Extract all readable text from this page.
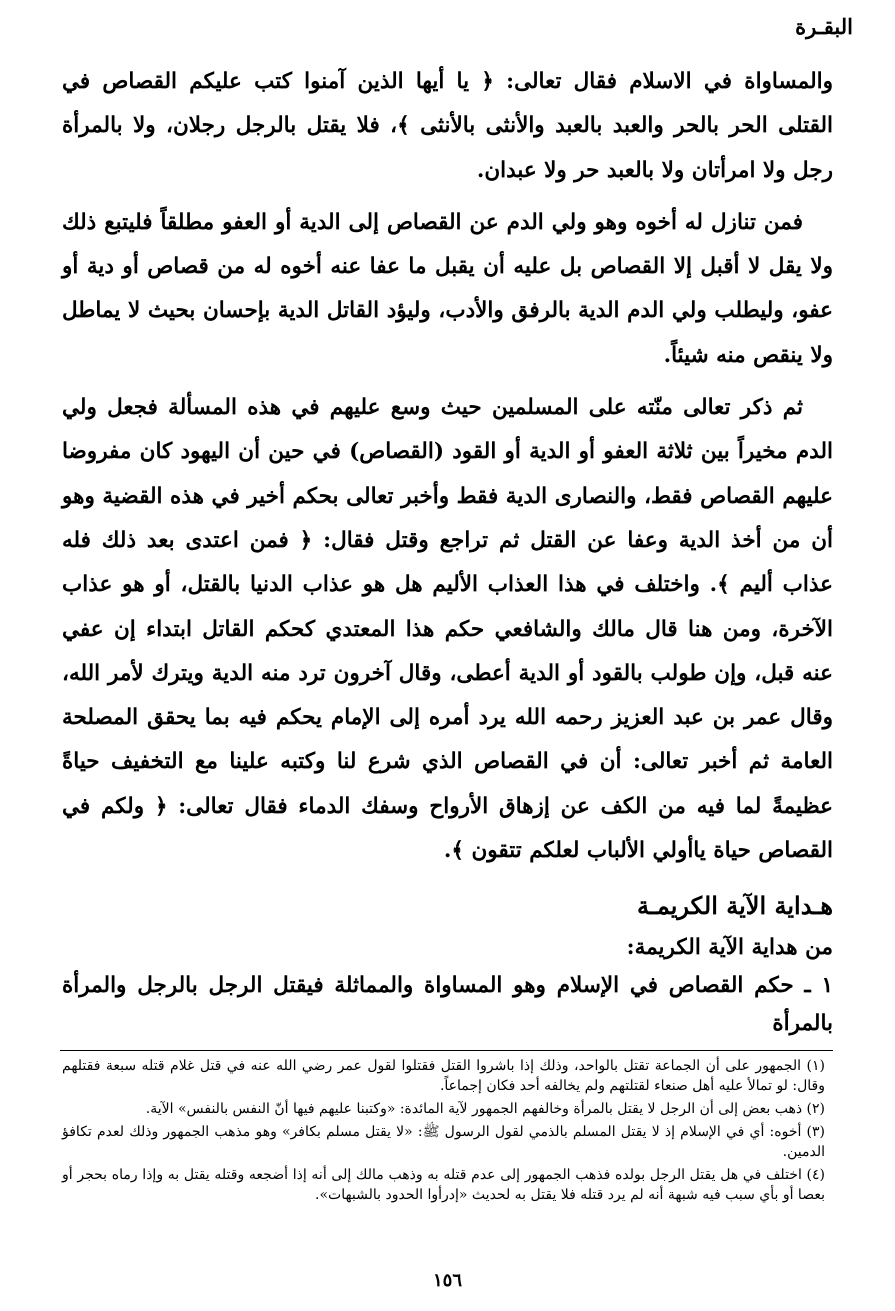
البقـرة

والمساواة في الاسلام فقال تعالى: ﴿ يا أيها الذين آمنوا كتب عليكم القصاص في القتلى الحر بالحر والعبد بالعبد والأنثى بالأنثى ﴾، فلا يقتل بالرجل رجلان، ولا بالمرأة رجل ولا امرأتان ولا بالعبد حر ولا عبدان.

فمن تنازل له أخوه وهو ولي الدم عن القصاص إلى الدية أو العفو مطلقاً فليتبع ذلك ولا يقل لا أقبل إلا القصاص بل عليه أن يقبل ما عفا عنه أخوه له من قصاص أو دية أو عفو، وليطلب ولي الدم الدية بالرفق والأدب، وليؤد القاتل الدية بإحسان بحيث لا يماطل ولا ينقص منه شيئاً.

ثم ذكر تعالى منّته على المسلمين حيث وسع عليهم في هذه المسألة فجعل ولي الدم مخيراً بين ثلاثة العفو أو الدية أو القود (القصاص) في حين أن اليهود كان مفروضا عليهم القصاص فقط، والنصارى الدية فقط وأخبر تعالى بحكم أخير في هذه القضية وهو أن من أخذ الدية وعفا عن القتل ثم تراجع وقتل فقال: ﴿ فمن اعتدى بعد ذلك فله عذاب أليم ﴾. واختلف في هذا العذاب الأليم هل هو عذاب الدنيا بالقتل، أو هو عذاب الآخرة، ومن هنا قال مالك والشافعي حكم هذا المعتدي كحكم القاتل ابتداء إن عفي عنه قبل، وإن طولب بالقود أو الدية أعطى، وقال آخرون ترد منه الدية ويترك لأمر الله، وقال عمر بن عبد العزيز رحمه الله يرد أمره إلى الإمام يحكم فيه بما يحقق المصلحة العامة ثم أخبر تعالى: أن في القصاص الذي شرع لنا وكتبه علينا مع التخفيف حياةً عظيمةً لما فيه من الكف عن إزهاق الأرواح وسفك الدماء فقال تعالى: ﴿ ولكم في القصاص حياة ياأولي الألباب لعلكم تتقون ﴾.

هـداية الآية الكريمـة
من هداية الآية الكريمة:
١ ـ حكم القصاص في الإسلام وهو المساواة والمماثلة فيقتل الرجل بالرجل والمرأة بالمرأة

(١) الجمهور على أن الجماعة تقتل بالواحد، وذلك إذا باشروا القتل فقتلوا لقول عمر رضي الله عنه في قتل غلام قتله سبعة فقتلهم وقال: لو تمالأ عليه أهل صنعاء لقتلتهم ولم يخالفه أحد فكان إجماعاً.

(٢) ذهب بعض إلى أن الرجل لا يقتل بالمرأة وخالفهم الجمهور لآية المائدة: «وكتبنا عليهم فيها أنّ النفس بالنفس» الآية.

(٣) أخوه: أي في الإسلام إذ لا يقتل المسلم بالذمي لقول الرسول ﷺ: «لا يقتل مسلم بكافر» وهو مذهب الجمهور وذلك لعدم تكافؤ الدمين.

(٤) اختلف في هل يقتل الرجل بولده فذهب الجمهور إلى عدم قتله به وذهب مالك إلى أنه إذا أضجعه وقتله يقتل به وإذا رماه بحجر أو بعصا أو بأي سبب فيه شبهة أنه لم يرد قتله فلا يقتل به لحديث «إدرأوا الحدود بالشبهات».

١٥٦
